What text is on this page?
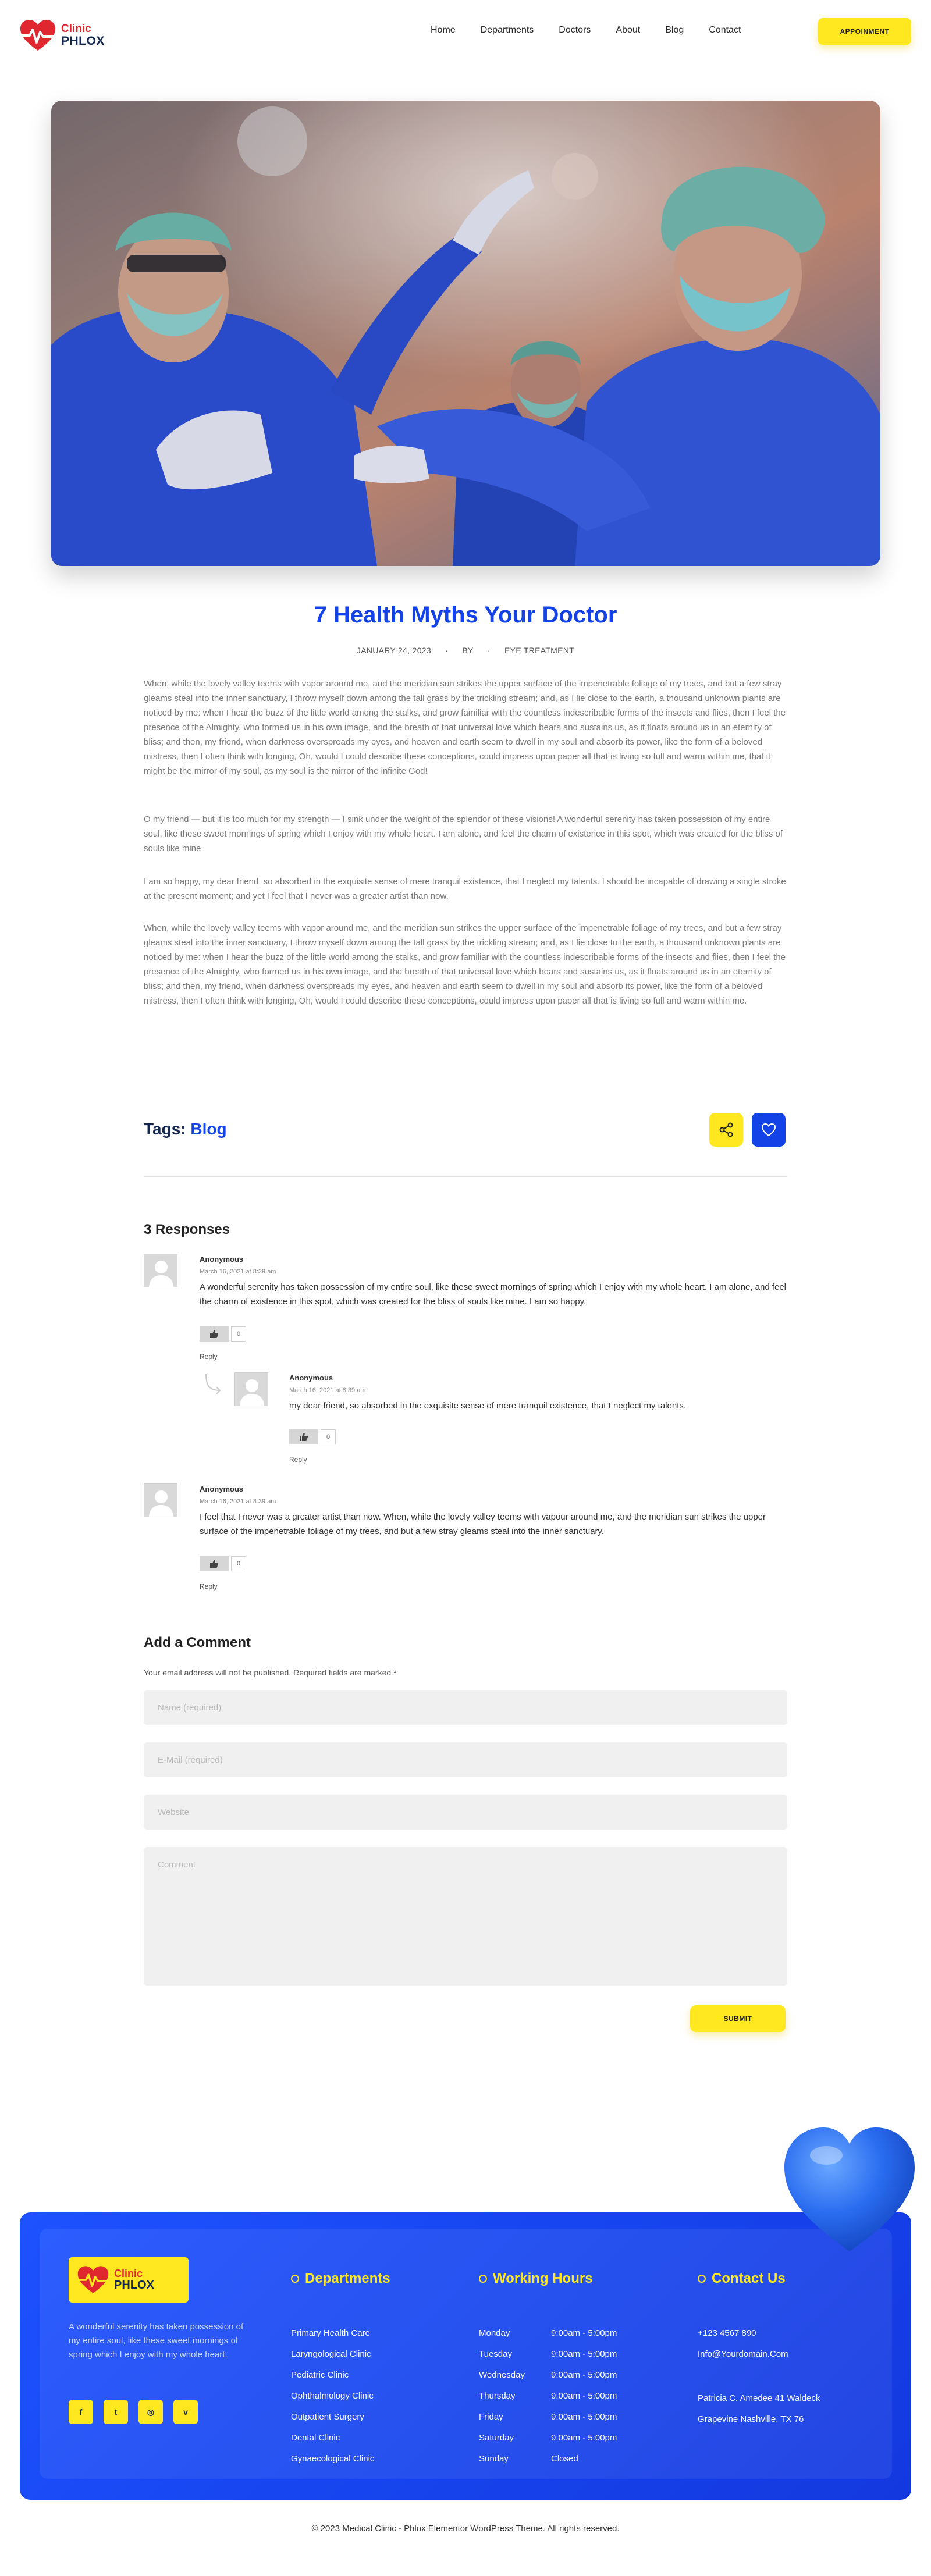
Clinic
PHLOX
Home	Departments	Doctors	About	Blog	Contact	APPOINMENT
7 Health Myths Your Doctor
JANUARY 24, 2023 · BY · EYE TREATMENT

When, while the lovely valley teems with vapor around me, and the meridian sun strikes the upper surface of the impenetrable foliage of my trees, and but a few stray gleams steal into the inner sanctuary, I throw myself down among the tall grass by the trickling stream; and, as I lie close to the earth, a thousand unknown plants are noticed by me: when I hear the buzz of the little world among the stalks, and grow familiar with the countless indescribable forms of the insects and flies, then I feel the presence of the Almighty, who formed us in his own image, and the breath of that universal love which bears and sustains us, as it floats around us in an eternity of bliss; and then, my friend, when darkness overspreads my eyes, and heaven and earth seem to dwell in my soul and absorb its power, like the form of a beloved mistress, then I often think with longing, Oh, would I could describe these conceptions, could impress upon paper all that is living so full and warm within me, that it might be the mirror of my soul, as my soul is the mirror of the infinite God!

O my friend — but it is too much for my strength — I sink under the weight of the splendor of these visions! A wonderful serenity has taken possession of my entire soul, like these sweet mornings of spring which I enjoy with my whole heart. I am alone, and feel the charm of existence in this spot, which was created for the bliss of souls like mine.

I am so happy, my dear friend, so absorbed in the exquisite sense of mere tranquil existence, that I neglect my talents. I should be incapable of drawing a single stroke at the present moment; and yet I feel that I never was a greater artist than now.

When, while the lovely valley teems with vapor around me, and the meridian sun strikes the upper surface of the impenetrable foliage of my trees, and but a few stray gleams steal into the inner sanctuary, I throw myself down among the tall grass by the trickling stream; and, as I lie close to the earth, a thousand unknown plants are noticed by me: when I hear the buzz of the little world among the stalks, and grow familiar with the countless indescribable forms of the insects and flies, then I feel the presence of the Almighty, who formed us in his own image, and the breath of that universal love which bears and sustains us, as it floats around us in an eternity of bliss; and then, my friend, when darkness overspreads my eyes, and heaven and earth seem to dwell in my soul and absorb its power, like the form of a beloved mistress, then I often think with longing, Oh, would I could describe these conceptions, could impress upon paper all that is living so full and warm within me.

Tags: Blog
3 Responses
Anonymous
March 16, 2021 at 8:39 am
A wonderful serenity has taken possession of my entire soul, like these sweet mornings of spring which I enjoy with my whole heart. I am alone, and feel the charm of existence in this spot, which was created for the bliss of souls like mine. I am so happy.
0
Reply
Anonymous
March 16, 2021 at 8:39 am
my dear friend, so absorbed in the exquisite sense of mere tranquil existence, that I neglect my talents.
0
Reply
Anonymous
March 16, 2021 at 8:39 am
I feel that I never was a greater artist than now. When, while the lovely valley teems with vapour around me, and the meridian sun strikes the upper surface of the impenetrable foliage of my trees, and but a few stray gleams steal into the inner sanctuary.
0
Reply
Add a Comment
Your email address will not be published. Required fields are marked *
Name (required)
E-Mail (required)
Website
Comment
SUBMIT
Clinic
PHLOX

A wonderful serenity has taken possession of my entire soul, like these sweet mornings of spring which I enjoy with my whole heart.

f	t	◎	v
Departments
Primary Health Care
Laryngological Clinic
Pediatric Clinic
Ophthalmology Clinic
Outpatient Surgery
Dental Clinic
Gynaecological Clinic
Working Hours
Monday	9:00am - 5:00pm
Tuesday	9:00am - 5:00pm
Wednesday	9:00am - 5:00pm
Thursday	9:00am - 5:00pm
Friday	9:00am - 5:00pm
Saturday	9:00am - 5:00pm
Sunday	Closed
Contact Us
+123 4567 890
Info@Yourdomain.Com
Patricia C. Amedee 41 Waldeck
Grapevine Nashville, TX 76
© 2023 Medical Clinic - Phlox Elementor WordPress Theme. All rights reserved.
